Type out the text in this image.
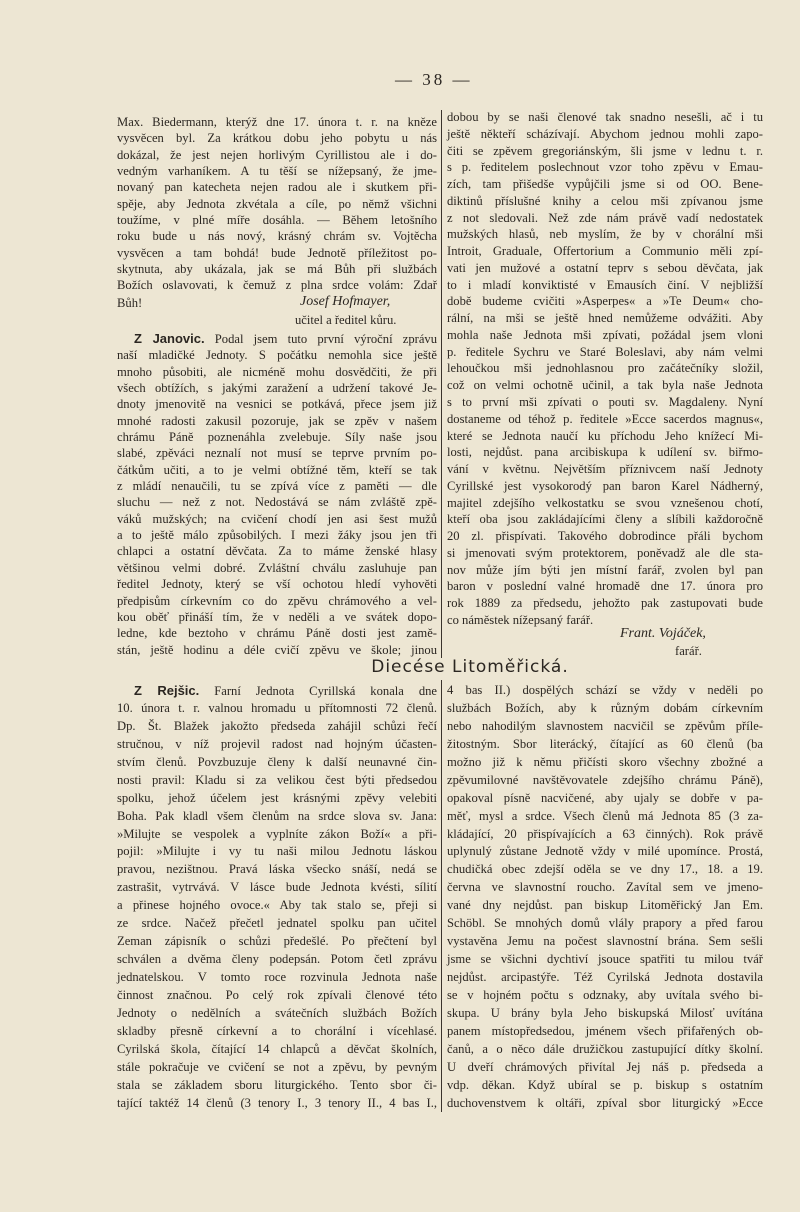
— 38 —
Max. Biedermann, kterýž dne 17. února t. r. na kněze
vysvěcen byl. Za krátkou dobu jeho pobytu u nás
dokázal, že jest nejen horlivým Cyrillistou ale i do-
vedným varhaníkem. A tu těší se nížepsaný, že jme-
novaný pan katecheta nejen radou ale i skutkem při-
spěje, aby Jednota zkvétala a cíle, po němž všichni
toužíme, v plné míře dosáhla. — Během letošního
roku bude u nás nový, krásný chrám sv. Vojtěcha
vysvěcen a tam bohdá! bude Jednotě příležitost po-
skytnuta, aby ukázala, jak se má Bůh při službách
Božích oslavovati, k čemuž z plna srdce volám: Zdař
Bůh!	Josef Hofmayer,
učitel a ředitel kůru.
Z Janovic. Podal jsem tuto první výroční zprávu
naší mladičké Jednoty. S počátku nemohla sice ještě
mnoho působiti, ale nicméně mohu dosvědčiti, že při
všech obtížích, s jakými zaražení a udržení takové Je-
dnoty jmenovitě na vesnici se potkává, přece jsem již
mnohé radosti zakusil pozoruje, jak se zpěv v našem
chrámu Páně poznenáhla zvelebuje. Síly naše jsou
slabé, zpěváci neznalí not musí se teprve prvním po-
čátkům učiti, a to je velmi obtížné těm, kteří se tak
z mládí nenaučili, tu se zpívá více z paměti — dle
sluchu — než z not. Nedostává se nám zvláště zpě-
váků mužských; na cvičení chodí jen asi šest mužů
a to ještě málo způsobilých. I mezi žáky jsou jen tři
chlapci a ostatní děvčata. Za to máme ženské hlasy
většinou velmi dobré. Zvláštní chválu zasluhuje pan
ředitel Jednoty, který se vší ochotou hledí vyhověti
předpisům církevním co do zpěvu chrámového a vel-
kou oběť přináší tím, že v neděli a ve svátek dopo-
ledne, kde beztoho v chrámu Páně dosti jest zamě-
stán, ještě hodinu a déle cvičí zpěvu ve škole; jinou
dobou by se naši členové tak snadno nesešli, ač i tu
ještě někteří scházívají. Abychom jednou mohli zapo-
čiti se zpěvem gregoriánským, šli jsme v lednu t. r.
s p. ředitelem poslechnout vzor toho zpěvu v Emau-
zích, tam přišedše vypůjčili jsme si od OO. Bene-
diktinů příslušné knihy a celou mši zpívanou jsme
z not sledovali. Než zde nám právě vadí nedostatek
mužských hlasů, neb myslím, že by v chorální mši
Introit, Graduale, Offertorium a Communio měli zpí-
vati jen mužové a ostatní teprv s sebou děvčata, jak
to i mladí konviktisté v Emausích činí. V nejbližší
době budeme cvičiti »Asperpes« a »Te Deum« cho-
rální, na mši se ještě hned nemůžeme odvážiti. Aby
mohla naše Jednota mši zpívati, požádal jsem vloni
p. ředitele Sychru ve Staré Boleslavi, aby nám velmi
lehoučkou mši jednohlasnou pro začátečníky složil,
což on velmi ochotně učinil, a tak byla naše Jednota
s to první mši zpívati o pouti sv. Magdaleny. Nyní
dostaneme od téhož p. ředitele »Ecce sacerdos magnus«,
které se Jednota naučí ku příchodu Jeho knížecí Mi-
losti, nejdůst. pana arcibiskupa k udílení sv. biřmo-
vání v květnu. Největším příznivcem naší Jednoty
Cyrillské jest vysokorodý pan baron Karel Nádherný,
majitel zdejšího velkostatku se svou vznešenou chotí,
kteří oba jsou zakládajícími členy a slíbili každoročně
20 zl. přispívati. Takového dobrodince přáli bychom
si jmenovati svým protektorem, poněvadž ale dle sta-
nov může jím býti jen místní farář, zvolen byl pan
baron v poslední valné hromadě dne 17. února pro
rok 1889 za předsedu, jehožto pak zastupovati bude
co náměstek nížepsaný farář.
Frant. Vojáček,
farář.
Diecése Litoměřická.
Z Rejšic. Farní Jednota Cyrillská konala dne
10. února t. r. valnou hromadu u přítomnosti 72 členů.
Dp. Št. Blažek jakožto předseda zahájil schůzi řečí
stručnou, v níž projevil radost nad hojným účasten-
stvím členů. Povzbuzuje členy k další neunavné čin-
nosti pravil: Kladu si za velikou čest býti předsedou
spolku, jehož účelem jest krásnými zpěvy velebiti
Boha. Pak kladl všem členům na srdce slova sv. Jana:
»Milujte se vespolek a vyplníte zákon Boží« a při-
pojil: »Milujte i vy tu naši milou Jednotu láskou
pravou, nezištnou. Pravá láska všecko snáší, nedá se
zastrašit, vytrvává. V lásce bude Jednota kvésti, sílití
a přinese hojného ovoce.« Aby tak stalo se, přeji si
ze srdce. Načež přečetl jednatel spolku pan učitel
Zeman zápisník o schůzi předešlé. Po přečtení byl
schválen a dvěma členy podepsán. Potom četl zprávu
jednatelskou. V tomto roce rozvinula Jednota naše
činnost značnou. Po celý rok zpívali členové této
Jednoty o nedělních a svátečních službách Božích
skladby přesně církevní a to chorální i vícehlasé.
Cyrilská škola, čítající 14 chlapců a děvčat školních,
stále pokračuje ve cvičení se not a zpěvu, by pevným
stala se základem sboru liturgického. Tento sbor či-
tající taktéž 14 členů (3 tenory I., 3 tenory II., 4 bas I.,
4 bas II.) dospělých schází se vždy v neděli po
službách Božích, aby k různým dobám církevním
nebo nahodilým slavnostem nacvičil se zpěvům příle-
žitostným. Sbor literácký, čítající as 60 členů (ba
možno již k němu přičísti skoro všechny zbožné a
zpěvumilovné navštěvovatele zdejšího chrámu Páně),
opakoval písně nacvičené, aby ujaly se dobře v pa-
měť, mysl a srdce. Všech členů má Jednota 85 (3 za-
kládající, 20 přispívajících a 63 činných). Rok právě
uplynulý zůstane Jednotě vždy v milé upomínce. Prostá,
chudičká obec zdejší oděla se ve dny 17., 18. a 19.
června ve slavnostní roucho. Zavítal sem ve jmeno-
vané dny nejdůst. pan biskup Litoměřický Jan Em.
Schöbl. Se mnohých domů vlály prapory a před farou
vystavěna Jemu na počest slavnostní brána. Sem sešli
jsme se všichni dychtiví jsouce spatřiti tu milou tvář
nejdůst. arcipastýře. Též Cyrilská Jednota dostavila
se v hojném počtu s odznaky, aby uvítala svého bi-
skupa. U brány byla Jeho biskupská Milosť uvítána
panem místopředsedou, jménem všech přifařených ob-
čanů, a o něco dále družičkou zastupující dítky školní.
U dveří chrámových přivítal Jej náš p. předseda a
vdp. děkan. Když ubíral se p. biskup s ostatním
duchovenstvem k oltáři, zpíval sbor liturgický »Ecce
